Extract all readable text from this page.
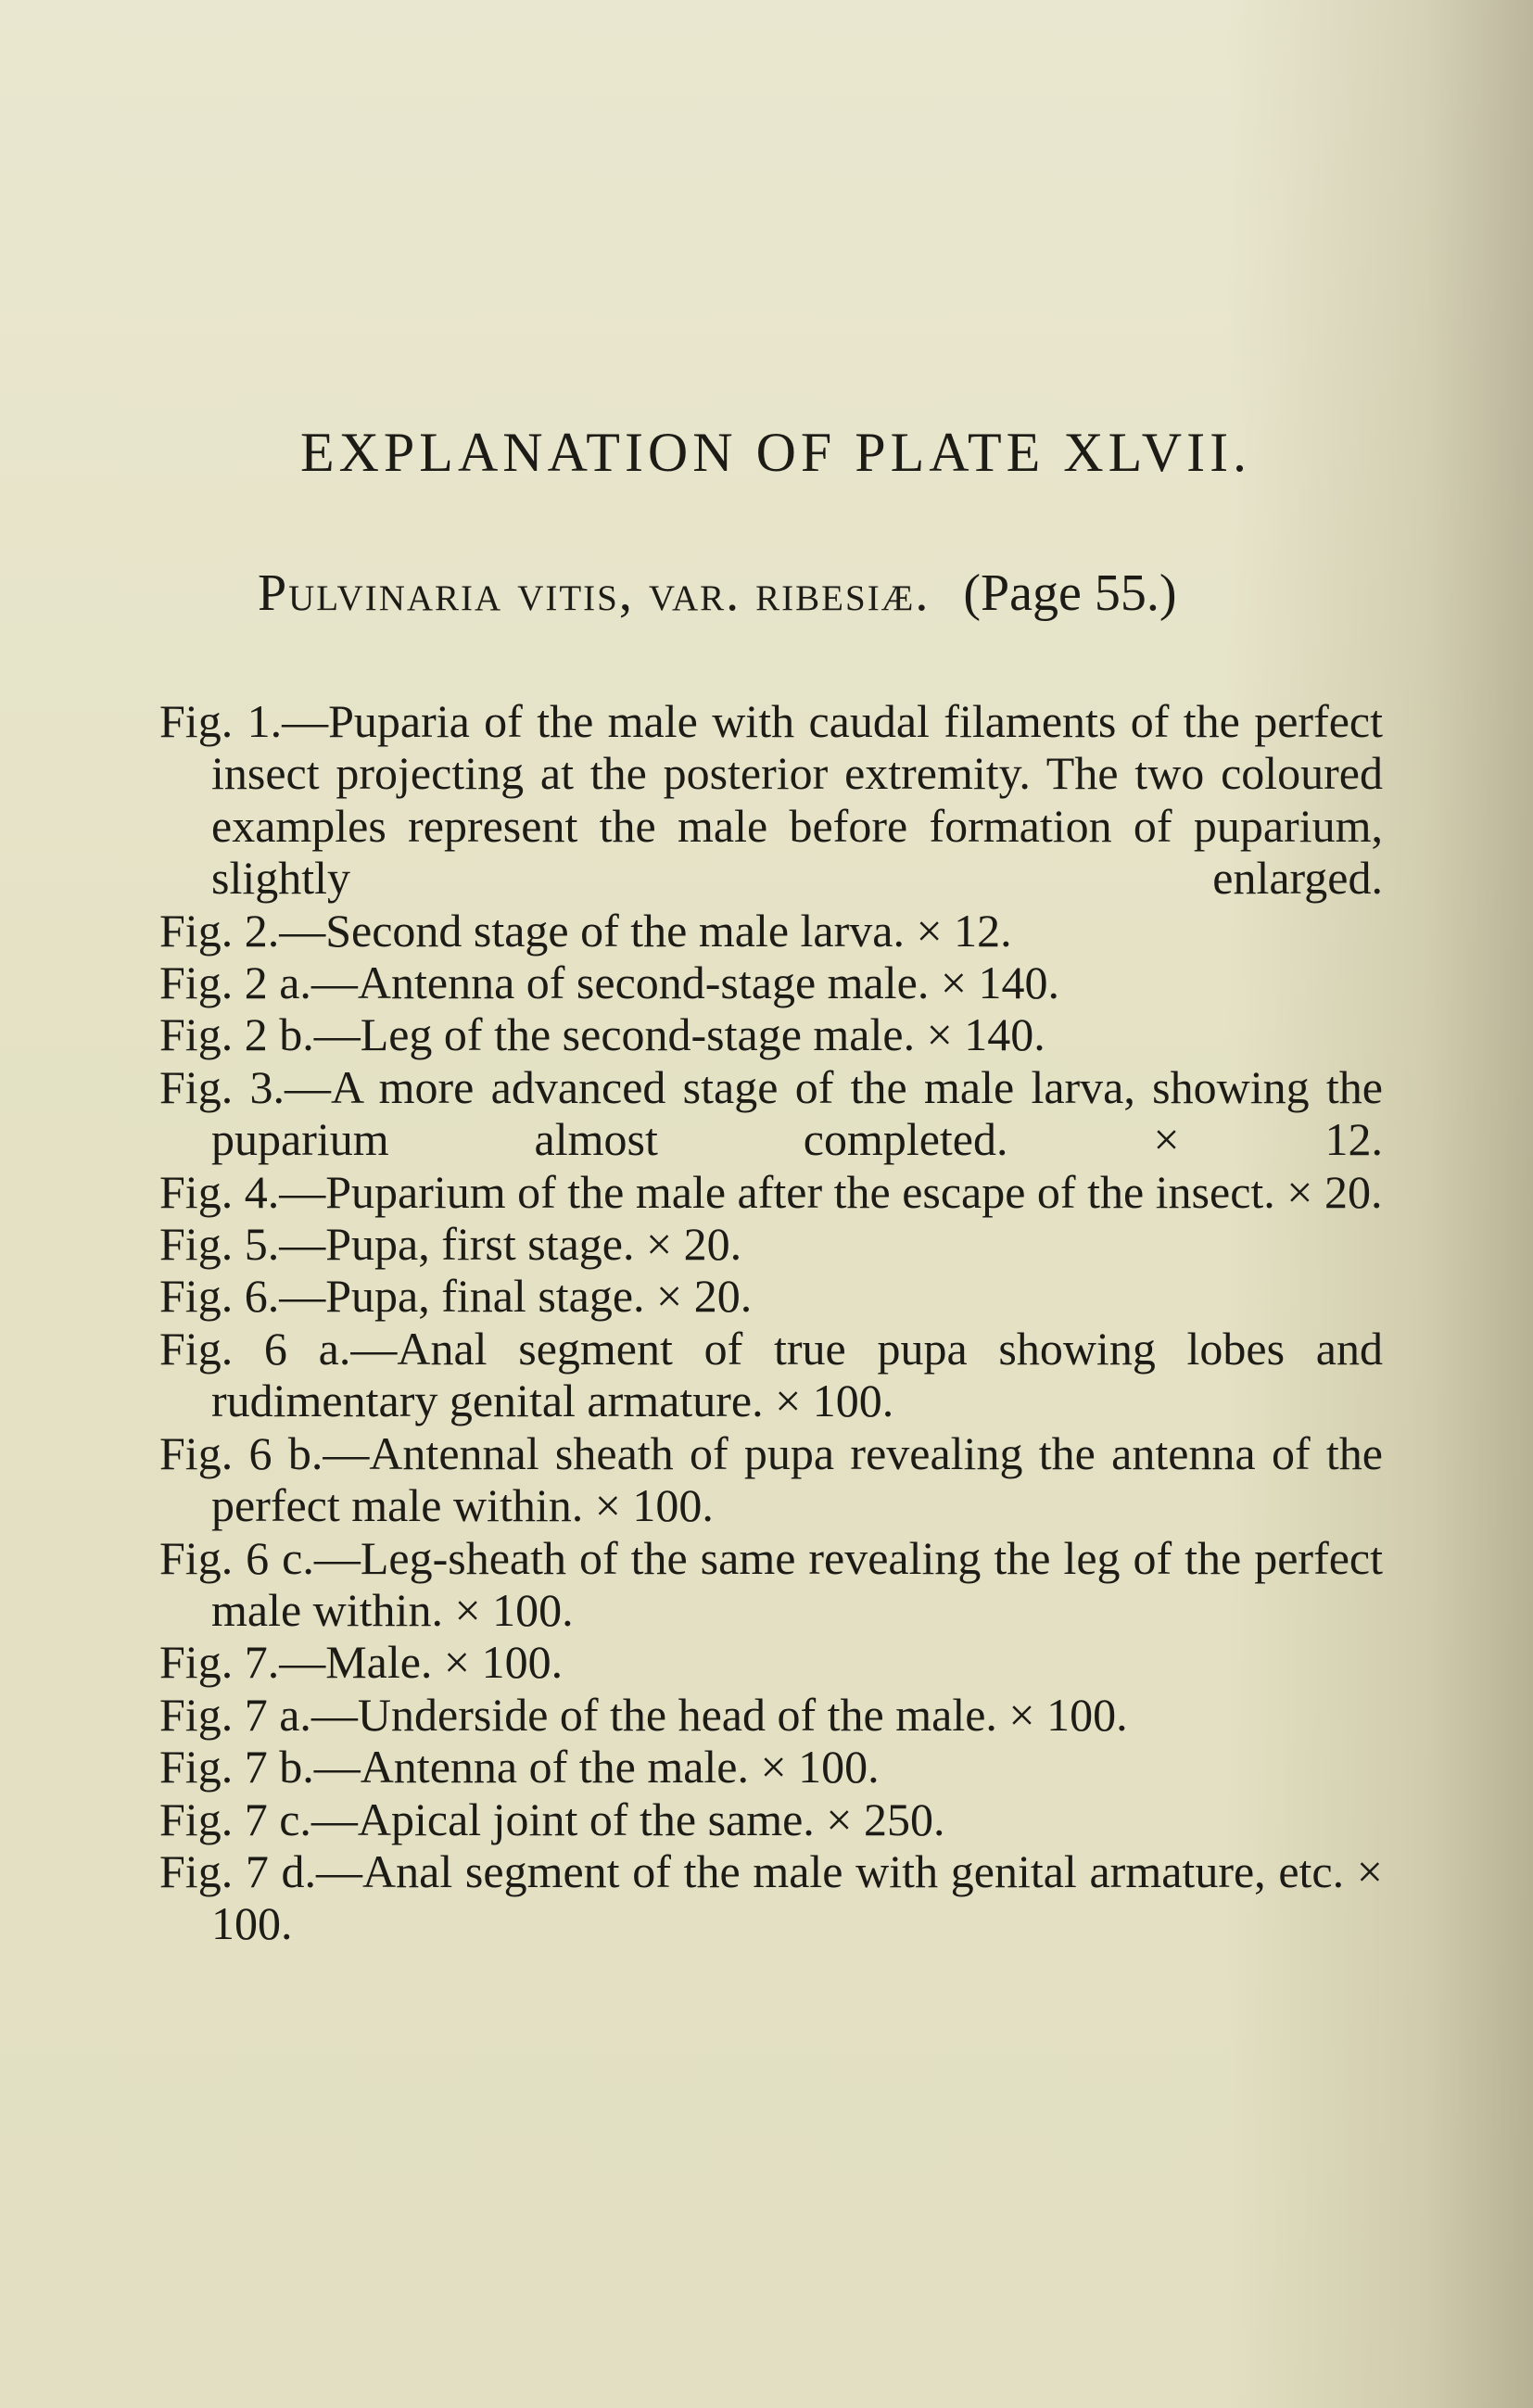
EXPLANATION OF PLATE XLVII.
Pulvinaria vitis, var. ribesiæ. (Page 55.)
Fig. 1.—Puparia of the male with caudal filaments of the perfect insect projecting at the posterior extremity. The two coloured examples represent the male before formation of puparium, slightly enlarged.
Fig. 2.—Second stage of the male larva. × 12.
Fig. 2 a.—Antenna of second-stage male. × 140.
Fig. 2 b.—Leg of the second-stage male. × 140.
Fig. 3.—A more advanced stage of the male larva, showing the puparium almost completed. × 12.
Fig. 4.—Puparium of the male after the escape of the insect. × 20.
Fig. 5.—Pupa, first stage. × 20.
Fig. 6.—Pupa, final stage. × 20.
Fig. 6 a.—Anal segment of true pupa showing lobes and rudimentary genital armature. × 100.
Fig. 6 b.—Antennal sheath of pupa revealing the antenna of the perfect male within. × 100.
Fig. 6 c.—Leg-sheath of the same revealing the leg of the perfect male within. × 100.
Fig. 7.—Male. × 100.
Fig. 7 a.—Underside of the head of the male. × 100.
Fig. 7 b.—Antenna of the male. × 100.
Fig. 7 c.—Apical joint of the same. × 250.
Fig. 7 d.—Anal segment of the male with genital armature, etc. × 100.
